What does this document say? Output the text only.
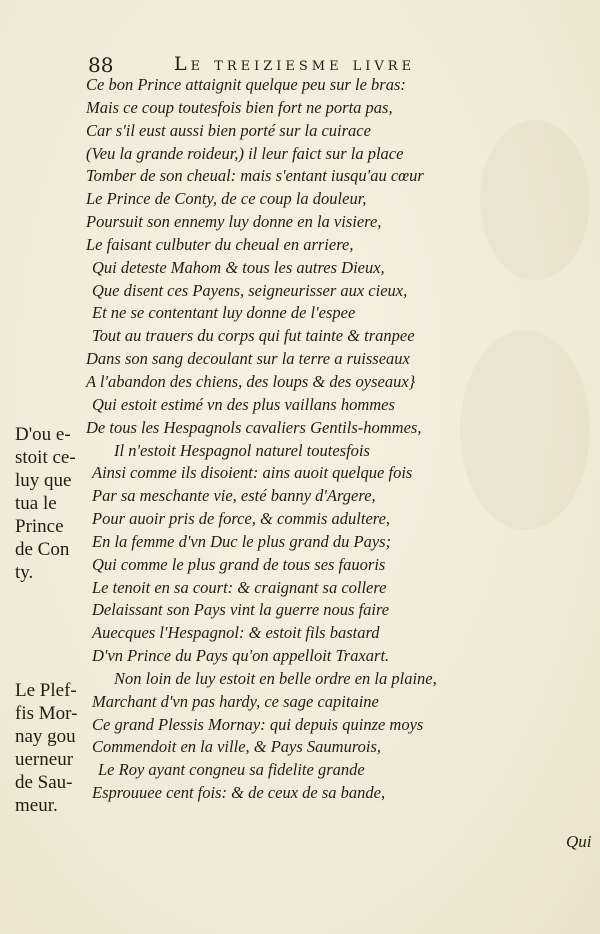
88	Le treiziesme livre
Ce bon Prince attaignit quelque peu sur le bras:
Mais ce coup toutesfois bien fort ne porta pas,
Car s'il eust aussi bien porté sur la cuirace
(Veu la grande roideur,) il leur faict sur la place
Tomber de son cheual: mais s'entant iusqu'au cœur
Le Prince de Conty, de ce coup la douleur,
Poursuit son ennemy luy donne en la visiere,
Le faisant culbuter du cheual en arriere,
Qui deteste Mahom & tous les autres Dieux,
Que disent ces Payens, seigneurisser aux cieux,
Et ne se contentant luy donne de l'espee
Tout au trauers du corps qui fut tainte & tranpee
Dans son sang decoulant sur la terre a ruisseaux
A l'abandon des chiens, des loups & des oyseaux}
Qui estoit estimé vn des plus vaillans hommes
De tous les Hespagnols cavaliers Gentils-hommes,
Il n'estoit Hespagnol naturel toutesfois
Ainsi comme ils disoient: ains auoit quelque fois
Par sa meschante vie, esté banny d'Argere,
Pour auoir pris de force, & commis adultere,
En la femme d'vn Duc le plus grand du Pays;
Qui comme le plus grand de tous ses fauoris
Le tenoit en sa court: & craignant sa collere
Delaissant son Pays vint la guerre nous faire
Auecques l'Hespagnol: & estoit fils bastard
D'vn Prince du Pays qu'on appelloit Traxart.
Non loin de luy estoit en belle ordre en la plaine,
Marchant d'vn pas hardy, ce sage capitaine
Ce grand Plessis Mornay: qui depuis quinze moys
Commendoit en la ville, & Pays Saumurois,
Le Roy ayant congneu sa fidelite grande
Esprouuee cent fois: & de ceux de sa bande,
D'ou e-
stoit ce-
luy que
tua le
Prince
de Con
ty.
Le Plef-
fis Mor-
nay gou
uerneur
de Sau-
meur.
Qui
